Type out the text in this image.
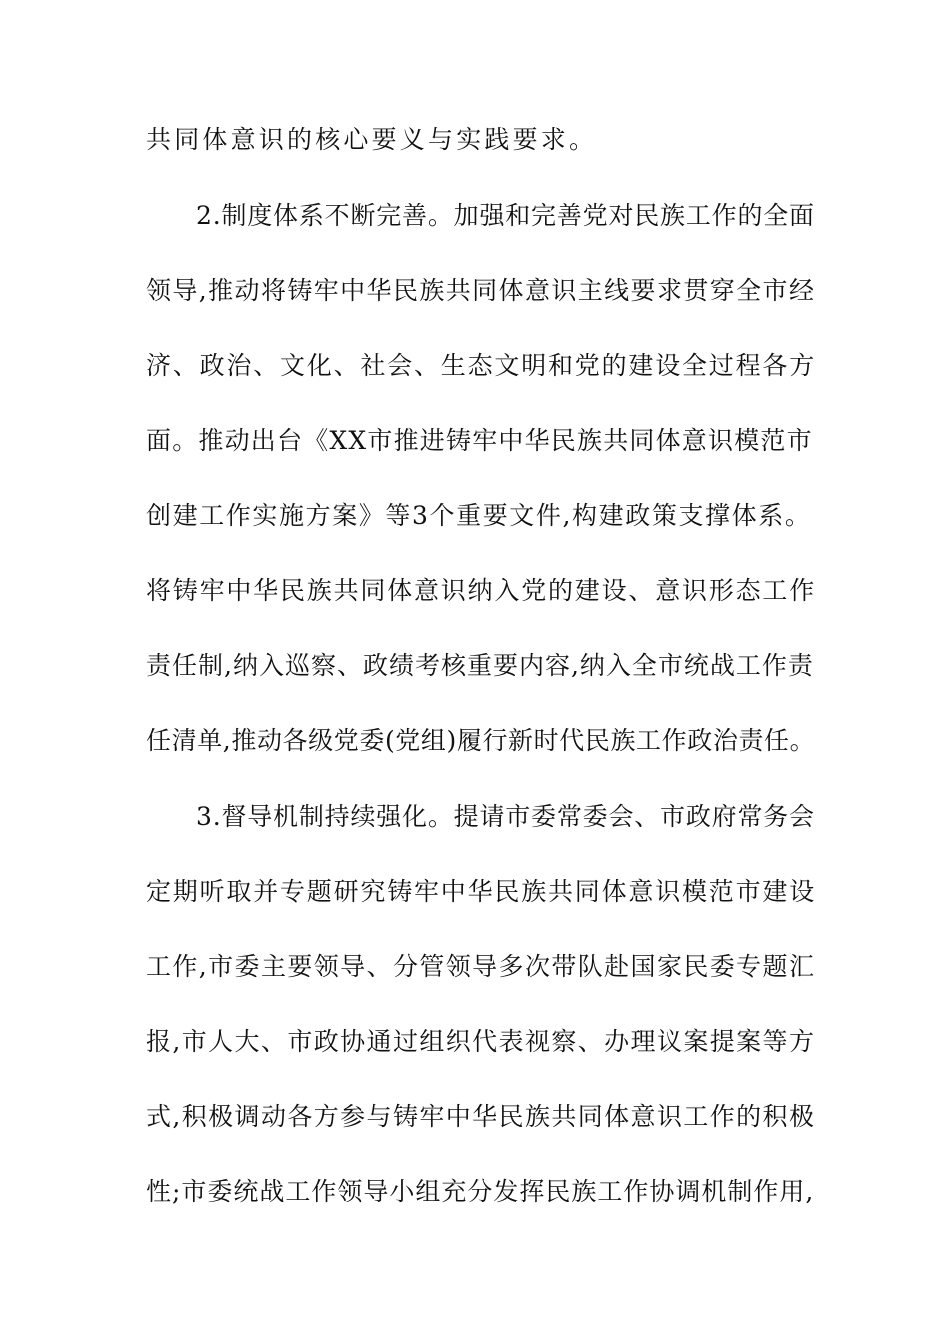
共同体意识的核心要义与实践要求。
2.制度体系不断完善。加强和完善党对民族工作的全面
领导,推动将铸牢中华民族共同体意识主线要求贯穿全市经
济、政治、文化、社会、生态文明和党的建设全过程各方
面。推动出台《XX市推进铸牢中华民族共同体意识模范市
创建工作实施方案》等3个重要文件,构建政策支撑体系。
将铸牢中华民族共同体意识纳入党的建设、意识形态工作
责任制,纳入巡察、政绩考核重要内容,纳入全市统战工作责
任清单,推动各级党委(党组)履行新时代民族工作政治责任。
3.督导机制持续强化。提请市委常委会、市政府常务会
定期听取并专题研究铸牢中华民族共同体意识模范市建设
工作,市委主要领导、分管领导多次带队赴国家民委专题汇
报,市人大、市政协通过组织代表视察、办理议案提案等方
式,积极调动各方参与铸牢中华民族共同体意识工作的积极
性;市委统战工作领导小组充分发挥民族工作协调机制作用,
